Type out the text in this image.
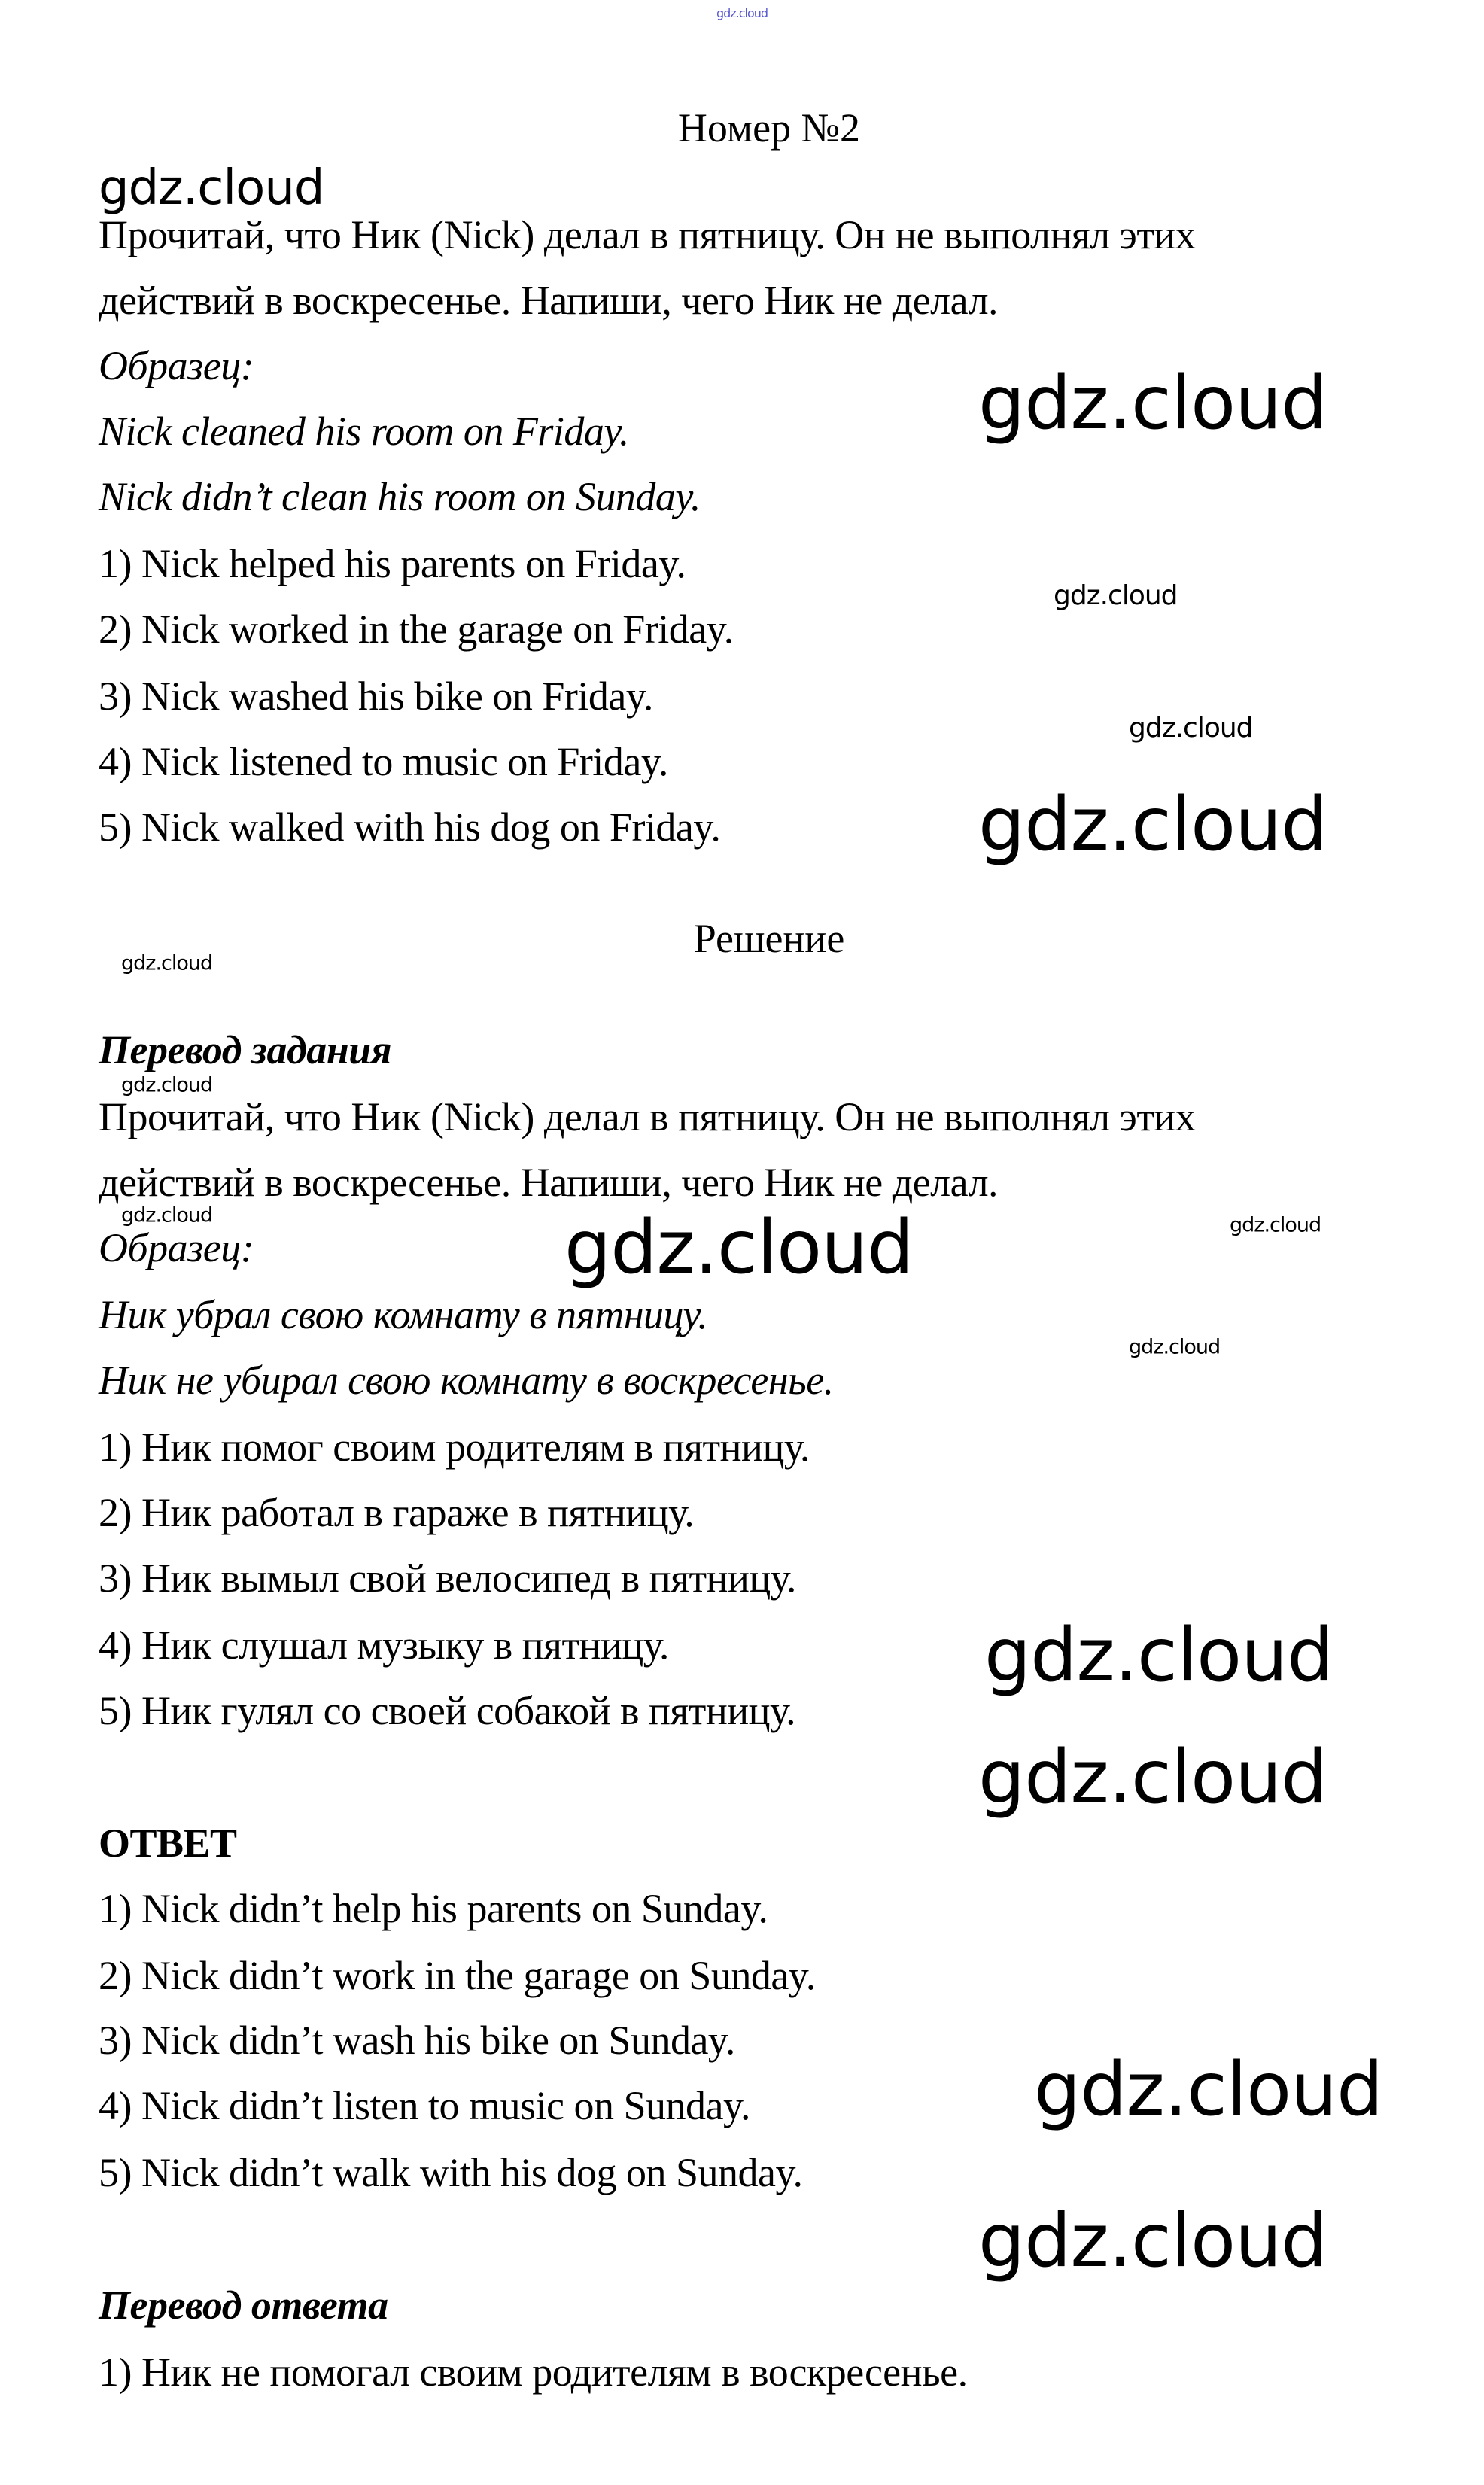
gdz.cloud
Номер №2
Прочитай, что Ник (Nick) делал в пятницу. Он не выполнял этих
действий в воскресенье. Напиши, чего Ник не делал.
Образец:
Nick cleaned his room on Friday.
Nick didn’t clean his room on Sunday.
1) Nick helped his parents on Friday.
2) Nick worked in the garage on Friday.
3) Nick washed his bike on Friday.
4) Nick listened to music on Friday.
5) Nick walked with his dog on Friday.
Решение
Перевод задания
Прочитай, что Ник (Nick) делал в пятницу. Он не выполнял этих
действий в воскресенье. Напиши, чего Ник не делал.
Образец:
Ник убрал свою комнату в пятницу.
Ник не убирал свою комнату в воскресенье.
1) Ник помог своим родителям в пятницу.
2) Ник работал в гараже в пятницу.
3) Ник вымыл свой велосипед в пятницу.
4) Ник слушал музыку в пятницу.
5) Ник гулял со своей собакой в пятницу.
ОТВЕТ
1) Nick didn’t help his parents on Sunday.
2) Nick didn’t work in the garage on Sunday.
3) Nick didn’t wash his bike on Sunday.
4) Nick didn’t listen to music on Sunday.
5) Nick didn’t walk with his dog on Sunday.
Перевод ответа
1) Ник не помогал своим родителям в воскресенье.
gdz.cloud
gdz.cloud
gdz.cloud
gdz.cloud
gdz.cloud
gdz.cloud
gdz.cloud
gdz.cloud	gdz.cloud
gdz.cloud
gdz.cloud
gdz.cloud
gdz.cloud
gdz.cloud
gdz.cloud
